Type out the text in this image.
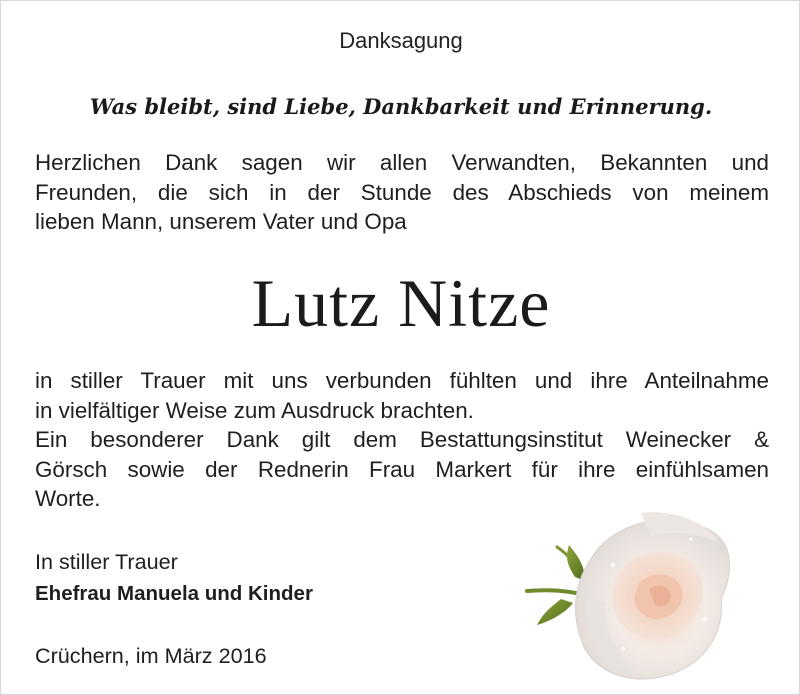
Danksagung
Was bleibt, sind Liebe, Dankbarkeit und Erinnerung.

Herzlichen Dank sagen wir allen Verwandten, Bekannten und
Freunden, die sich in der Stunde des Abschieds von meinem
lieben Mann, unserem Vater und Opa

Lutz Nitze

in stiller Trauer mit uns verbunden fühlten und ihre Anteilnahme
in vielfältiger Weise zum Ausdruck brachten.
Ein besonderer Dank gilt dem Bestattungsinstitut Weinecker &
Görsch sowie der Rednerin Frau Markert für ihre einfühlsamen
Worte.

In stiller Trauer
Ehefrau Manuela und Kinder
Crüchern, im März 2016
